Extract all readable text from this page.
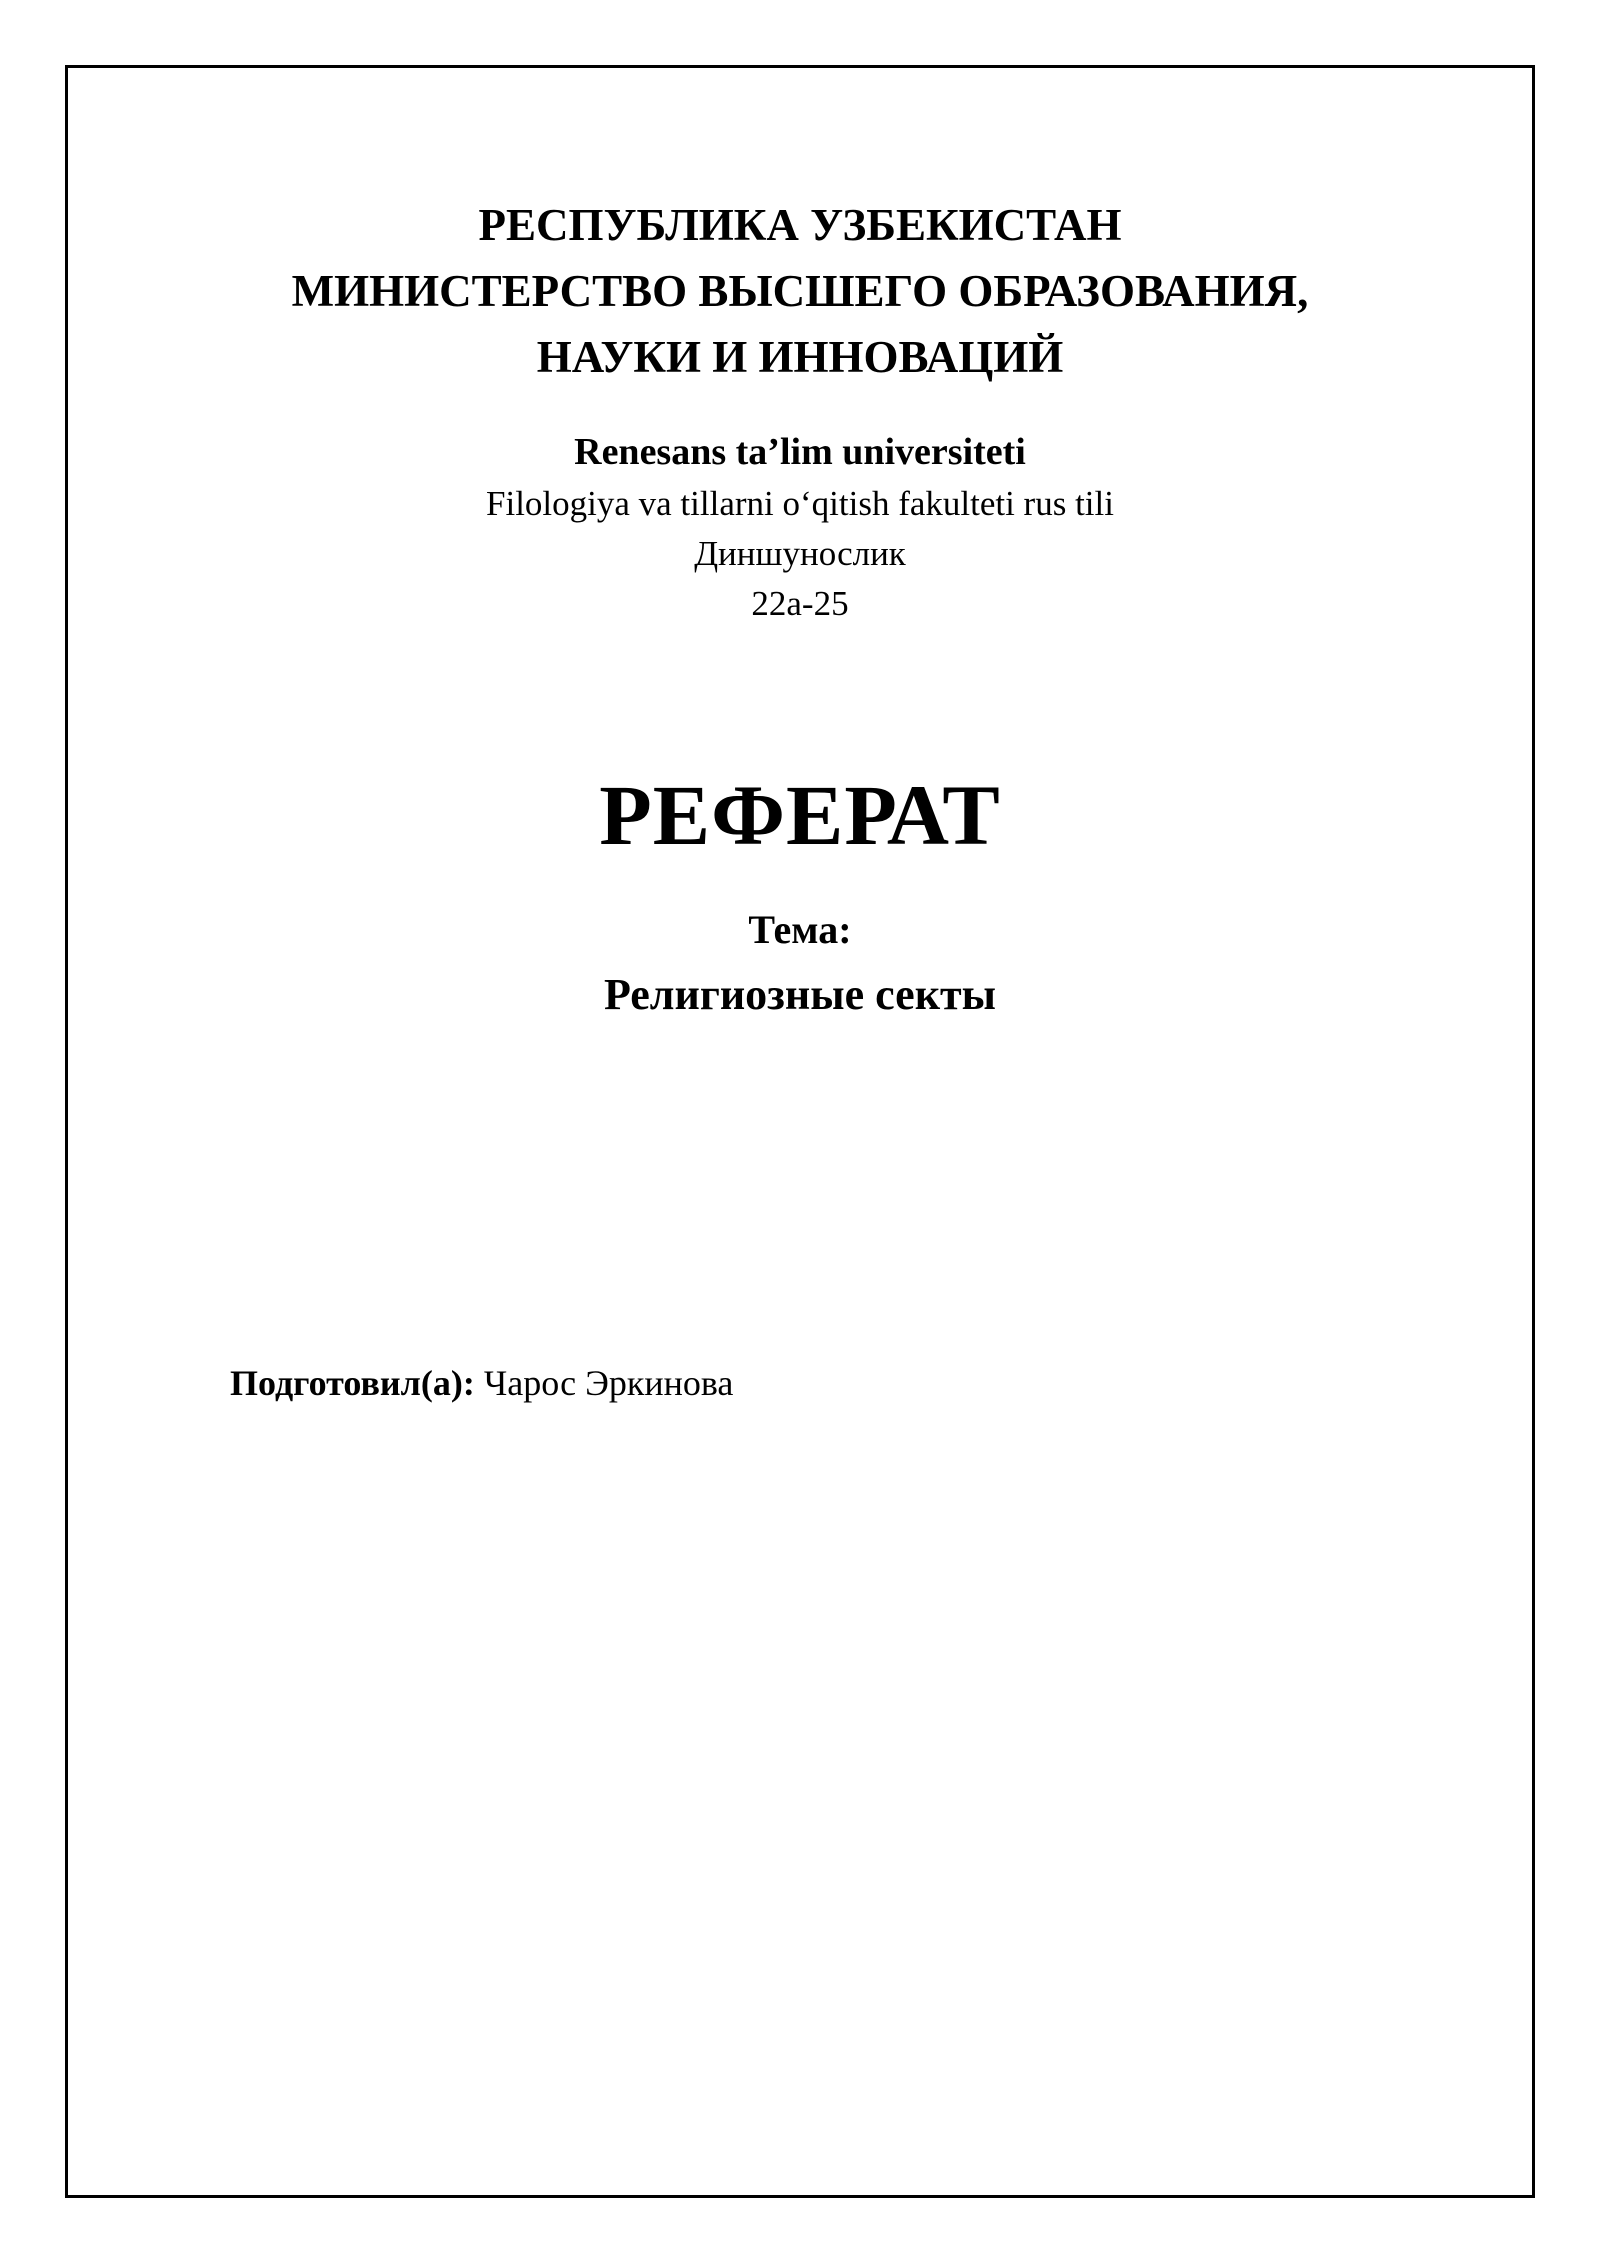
РЕСПУБЛИКА УЗБЕКИСТАН
МИНИСТЕРСТВО ВЫСШЕГО ОБРАЗОВАНИЯ,
НАУКИ И ИННОВАЦИЙ
Renesans ta’lim universiteti
Filologiya va tillarni o‘qitish fakulteti rus tili
Диншунослик
22а-25
РЕФЕРАТ
Тема:
Религиозные секты
Подготовил(а): Чарос Эркинова
